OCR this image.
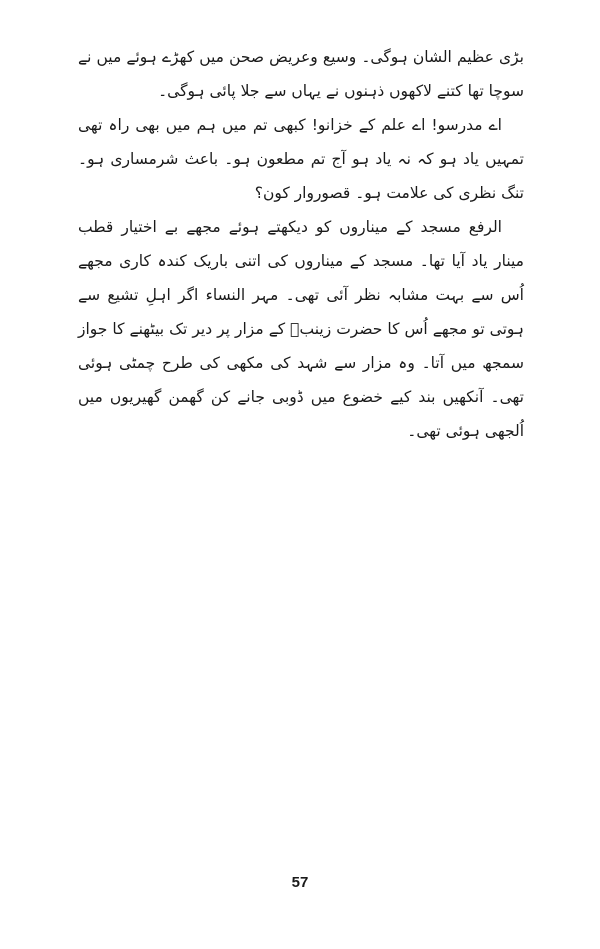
بڑی عظیم الشان ہوگی۔ وسیع وعریض صحن میں کھڑے ہوئے میں نے سوچا تھا کتنے لاکھوں ذہنوں نے یہاں سے جلا پائی ہوگی۔

اے مدرسو! اے علم کے خزانو! کبھی تم میں ہم میں بھی راہ تھی تمہیں یاد ہو کہ نہ یاد ہو آج تم مطعون ہو۔ باعث شرمساری ہو۔ تنگ نظری کی علامت ہو۔ قصوروار کون؟

الرفع مسجد کے میناروں کو دیکھتے ہوئے مجھے بے اختیار قطب مینار یاد آیا تھا۔ مسجد کے میناروں کی اتنی باریک کندہ کاری مجھے اُس سے بہت مشابہ نظر آئی تھی۔ مہر النساء اگر اہلِ تشیع سے ہوتی تو مجھے اُس کا حضرت زینبؓ کے مزار پر دیر تک بیٹھنے کا جواز سمجھ میں آتا۔ وہ مزار سے شہد کی مکھی کی طرح چمٹی ہوئی تھی۔ آنکھیں بند کیے خضوع میں ڈوبی جانے کن گھمن گھیریوں میں اُلجھی ہوئی تھی۔

57
